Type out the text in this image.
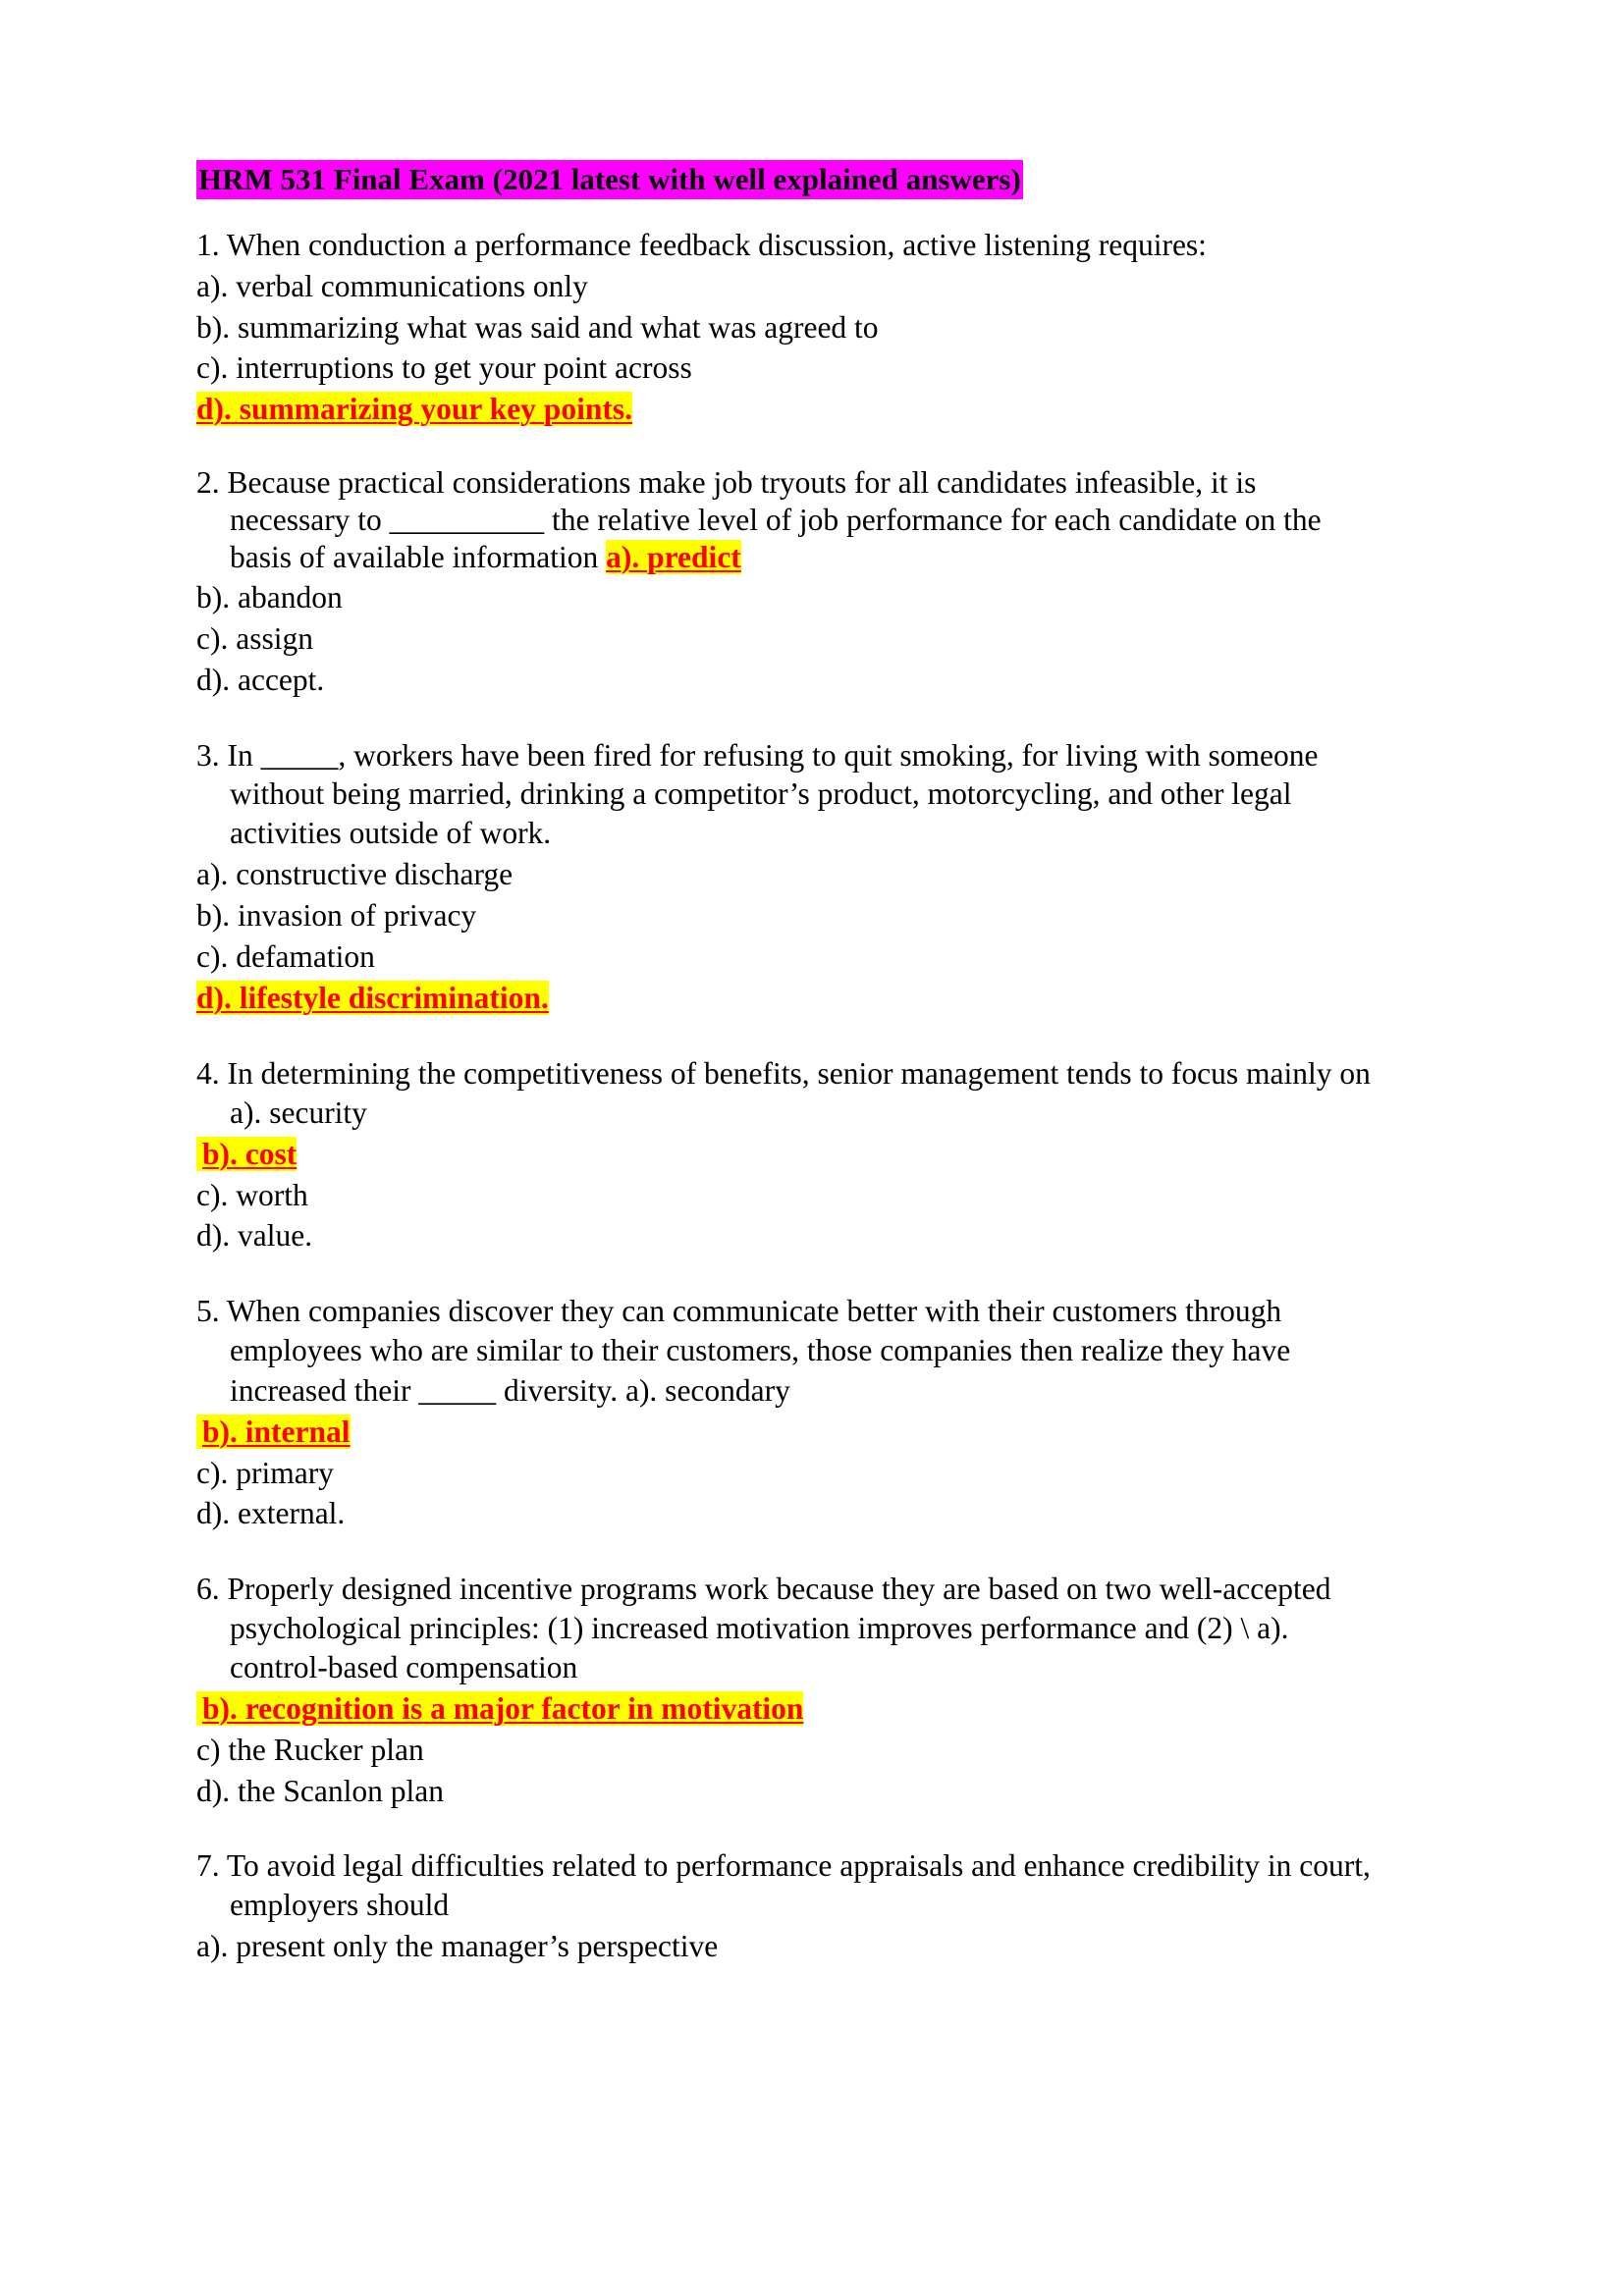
HRM 531 Final Exam (2021 latest with well explained answers)
1. When conduction a performance feedback discussion, active listening requires:
a). verbal communications only
b). summarizing what was said and what was agreed to
c). interruptions to get your point across
d). summarizing your key points.
2. Because practical considerations make job tryouts for all candidates infeasible, it is
necessary to __________ the relative level of job performance for each candidate on the
basis of available information a). predict
b). abandon
c). assign
d). accept.
3. In _____, workers have been fired for refusing to quit smoking, for living with someone
without being married, drinking a competitor’s product, motorcycling, and other legal
activities outside of work.
a). constructive discharge
b). invasion of privacy
c). defamation
d). lifestyle discrimination.
4. In determining the competitiveness of benefits, senior management tends to focus mainly on
a). security
b). cost
c). worth
d). value.
5. When companies discover they can communicate better with their customers through
employees who are similar to their customers, those companies then realize they have
increased their _____ diversity. a). secondary
b). internal
c). primary
d). external.
6. Properly designed incentive programs work because they are based on two well-accepted
psychological principles: (1) increased motivation improves performance and (2) \ a).
control-based compensation
b). recognition is a major factor in motivation
c) the Rucker plan
d). the Scanlon plan
7. To avoid legal difficulties related to performance appraisals and enhance credibility in court,
employers should
a). present only the manager’s perspective
